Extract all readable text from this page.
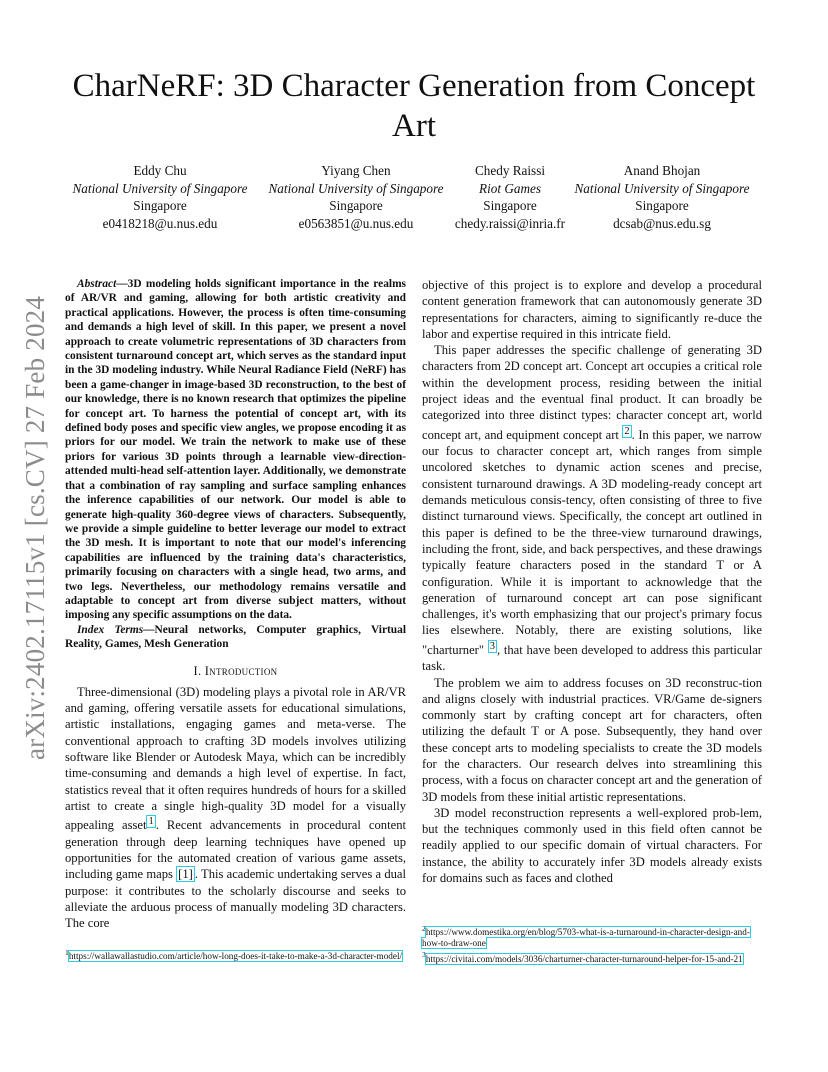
CharNeRF: 3D Character Generation from Concept Art
Eddy Chu
National University of Singapore
Singapore
e0418218@u.nus.edu
Yiyang Chen
National University of Singapore
Singapore
e0563851@u.nus.edu
Chedy Raissi
Riot Games
Singapore
chedy.raissi@inria.fr
Anand Bhojan
National University of Singapore
Singapore
dcsab@nus.edu.sg
arXiv:2402.17115v1 [cs.CV] 27 Feb 2024

Abstract—3D modeling holds significant importance in the realms of AR/VR and gaming, allowing for both artistic creativity and practical applications. However, the process is often time-consuming and demands a high level of skill. In this paper, we present a novel approach to create volumetric representations of 3D characters from consistent turnaround concept art, which serves as the standard input in the 3D modeling industry. While Neural Radiance Field (NeRF) has been a game-changer in image-based 3D reconstruction, to the best of our knowledge, there is no known research that optimizes the pipeline for concept art. To harness the potential of concept art, with its defined body poses and specific view angles, we propose encoding it as priors for our model. We train the network to make use of these priors for various 3D points through a learnable view-direction-attended multi-head self-attention layer. Additionally, we demonstrate that a combination of ray sampling and surface sampling enhances the inference capabilities of our network. Our model is able to generate high-quality 360-degree views of characters. Subsequently, we provide a simple guideline to better leverage our model to extract the 3D mesh. It is important to note that our model's inferencing capabilities are influenced by the training data's characteristics, primarily focusing on characters with a single head, two arms, and two legs. Nevertheless, our methodology remains versatile and adaptable to concept art from diverse subject matters, without imposing any specific assumptions on the data.

Index Terms—Neural networks, Computer graphics, Virtual Reality, Games, Mesh Generation

I. Introduction

Three-dimensional (3D) modeling plays a pivotal role in AR/VR and gaming, offering versatile assets for educational simulations, artistic installations, engaging games and meta-verse. The conventional approach to crafting 3D models involves utilizing software like Blender or Autodesk Maya, which can be incredibly time-consuming and demands a high level of expertise. In fact, statistics reveal that it often requires hundreds of hours for a skilled artist to create a single high-quality 3D model for a visually appealing asset $^1$ . Recent advancements in procedural content generation through deep learning techniques have opened up opportunities for the automated creation of various game assets, including game maps [1] . This academic undertaking serves a dual purpose: it contributes to the scholarly discourse and seeks to alleviate the arduous process of manually modeling 3D characters. The core

objective of this project is to explore and develop a procedural content generation framework that can autonomously generate 3D representations for characters, aiming to significantly re-duce the labor and expertise required in this intricate field.

This paper addresses the specific challenge of generating 3D characters from 2D concept art. Concept art occupies a critical role within the development process, residing between the initial project ideas and the eventual final product. It can broadly be categorized into three distinct types: character concept art, world concept art, and equipment concept art $^2$ . In this paper, we narrow our focus to character concept art, which ranges from simple uncolored sketches to dynamic action scenes and precise, consistent turnaround drawings. A 3D modeling-ready concept art demands meticulous consis-tency, often consisting of three to five distinct turnaround views. Specifically, the concept art outlined in this paper is defined to be the three-view turnaround drawings, including the front, side, and back perspectives, and these drawings typically feature characters posed in the standard T or A configuration. While it is important to acknowledge that the generation of turnaround concept art can pose significant challenges, it's worth emphasizing that our project's primary focus lies elsewhere. Notably, there are existing solutions, like "charturner" $^3$ , that have been developed to address this particular task.

The problem we aim to address focuses on 3D reconstruc-tion and aligns closely with industrial practices. VR/Game de-signers commonly start by crafting concept art for characters, often utilizing the default T or A pose. Subsequently, they hand over these concept arts to modeling specialists to create the 3D models for the characters. Our research delves into streamlining this process, with a focus on character concept art and the generation of 3D models from these initial artistic representations.

3D model reconstruction represents a well-explored prob-lem, but the techniques commonly used in this field often cannot be readily applied to our specific domain of virtual characters. For instance, the ability to accurately infer 3D models already exists for domains such as faces and clothed

$^1$https://wallawallastudio.com/article/how-long-does-it-take-to-make-a-3d-character-model/
$^2$https://www.domestika.org/en/blog/5703-what-is-a-turnaround-in-character-design-and-how-to-draw-one
$^3$https://civitai.com/models/3036/charturner-character-turnaround-helper-for-15-and-21
